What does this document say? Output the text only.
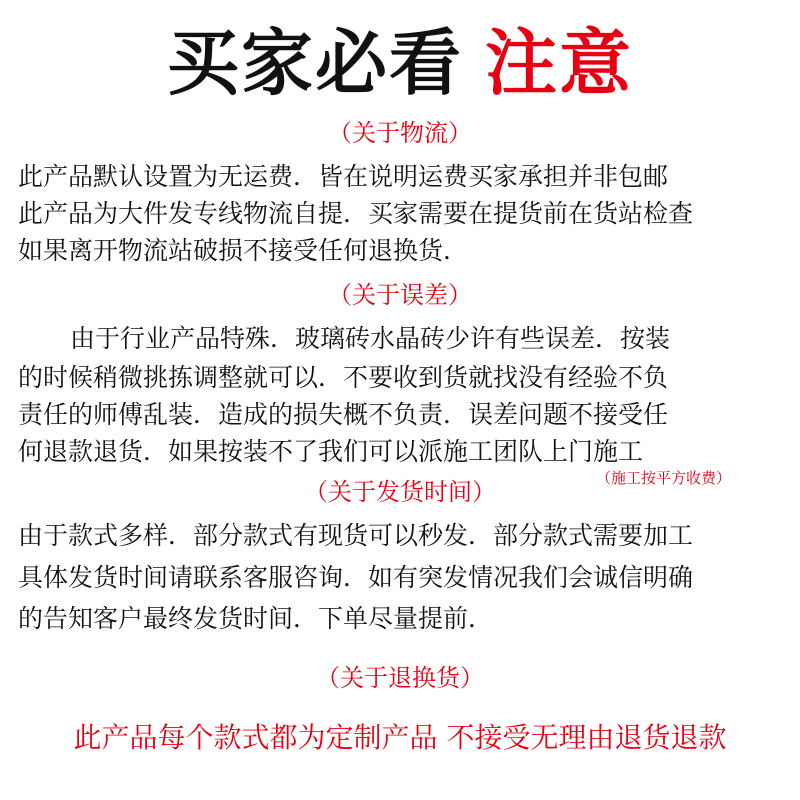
买家必看 注意
（关于物流）
此产品默认设置为无运费．皆在说明运费买家承担并非包邮
此产品为大件发专线物流自提．买家需要在提货前在货站检查
如果离开物流站破损不接受任何退换货．
（关于误差）
由于行业产品特殊．玻璃砖水晶砖少许有些误差．按装
的时候稍微挑拣调整就可以．不要收到货就找没有经验不负
责任的师傅乱装．造成的损失概不负责．误差问题不接受任
何退款退货．如果按装不了我们可以派施工团队上门施工
（施工按平方收费）
（关于发货时间）
由于款式多样．部分款式有现货可以秒发．部分款式需要加工
具体发货时间请联系客服咨询．如有突发情况我们会诚信明确
的告知客户最终发货时间．下单尽量提前．
（关于退换货）
此产品每个款式都为定制产品 不接受无理由退货退款
